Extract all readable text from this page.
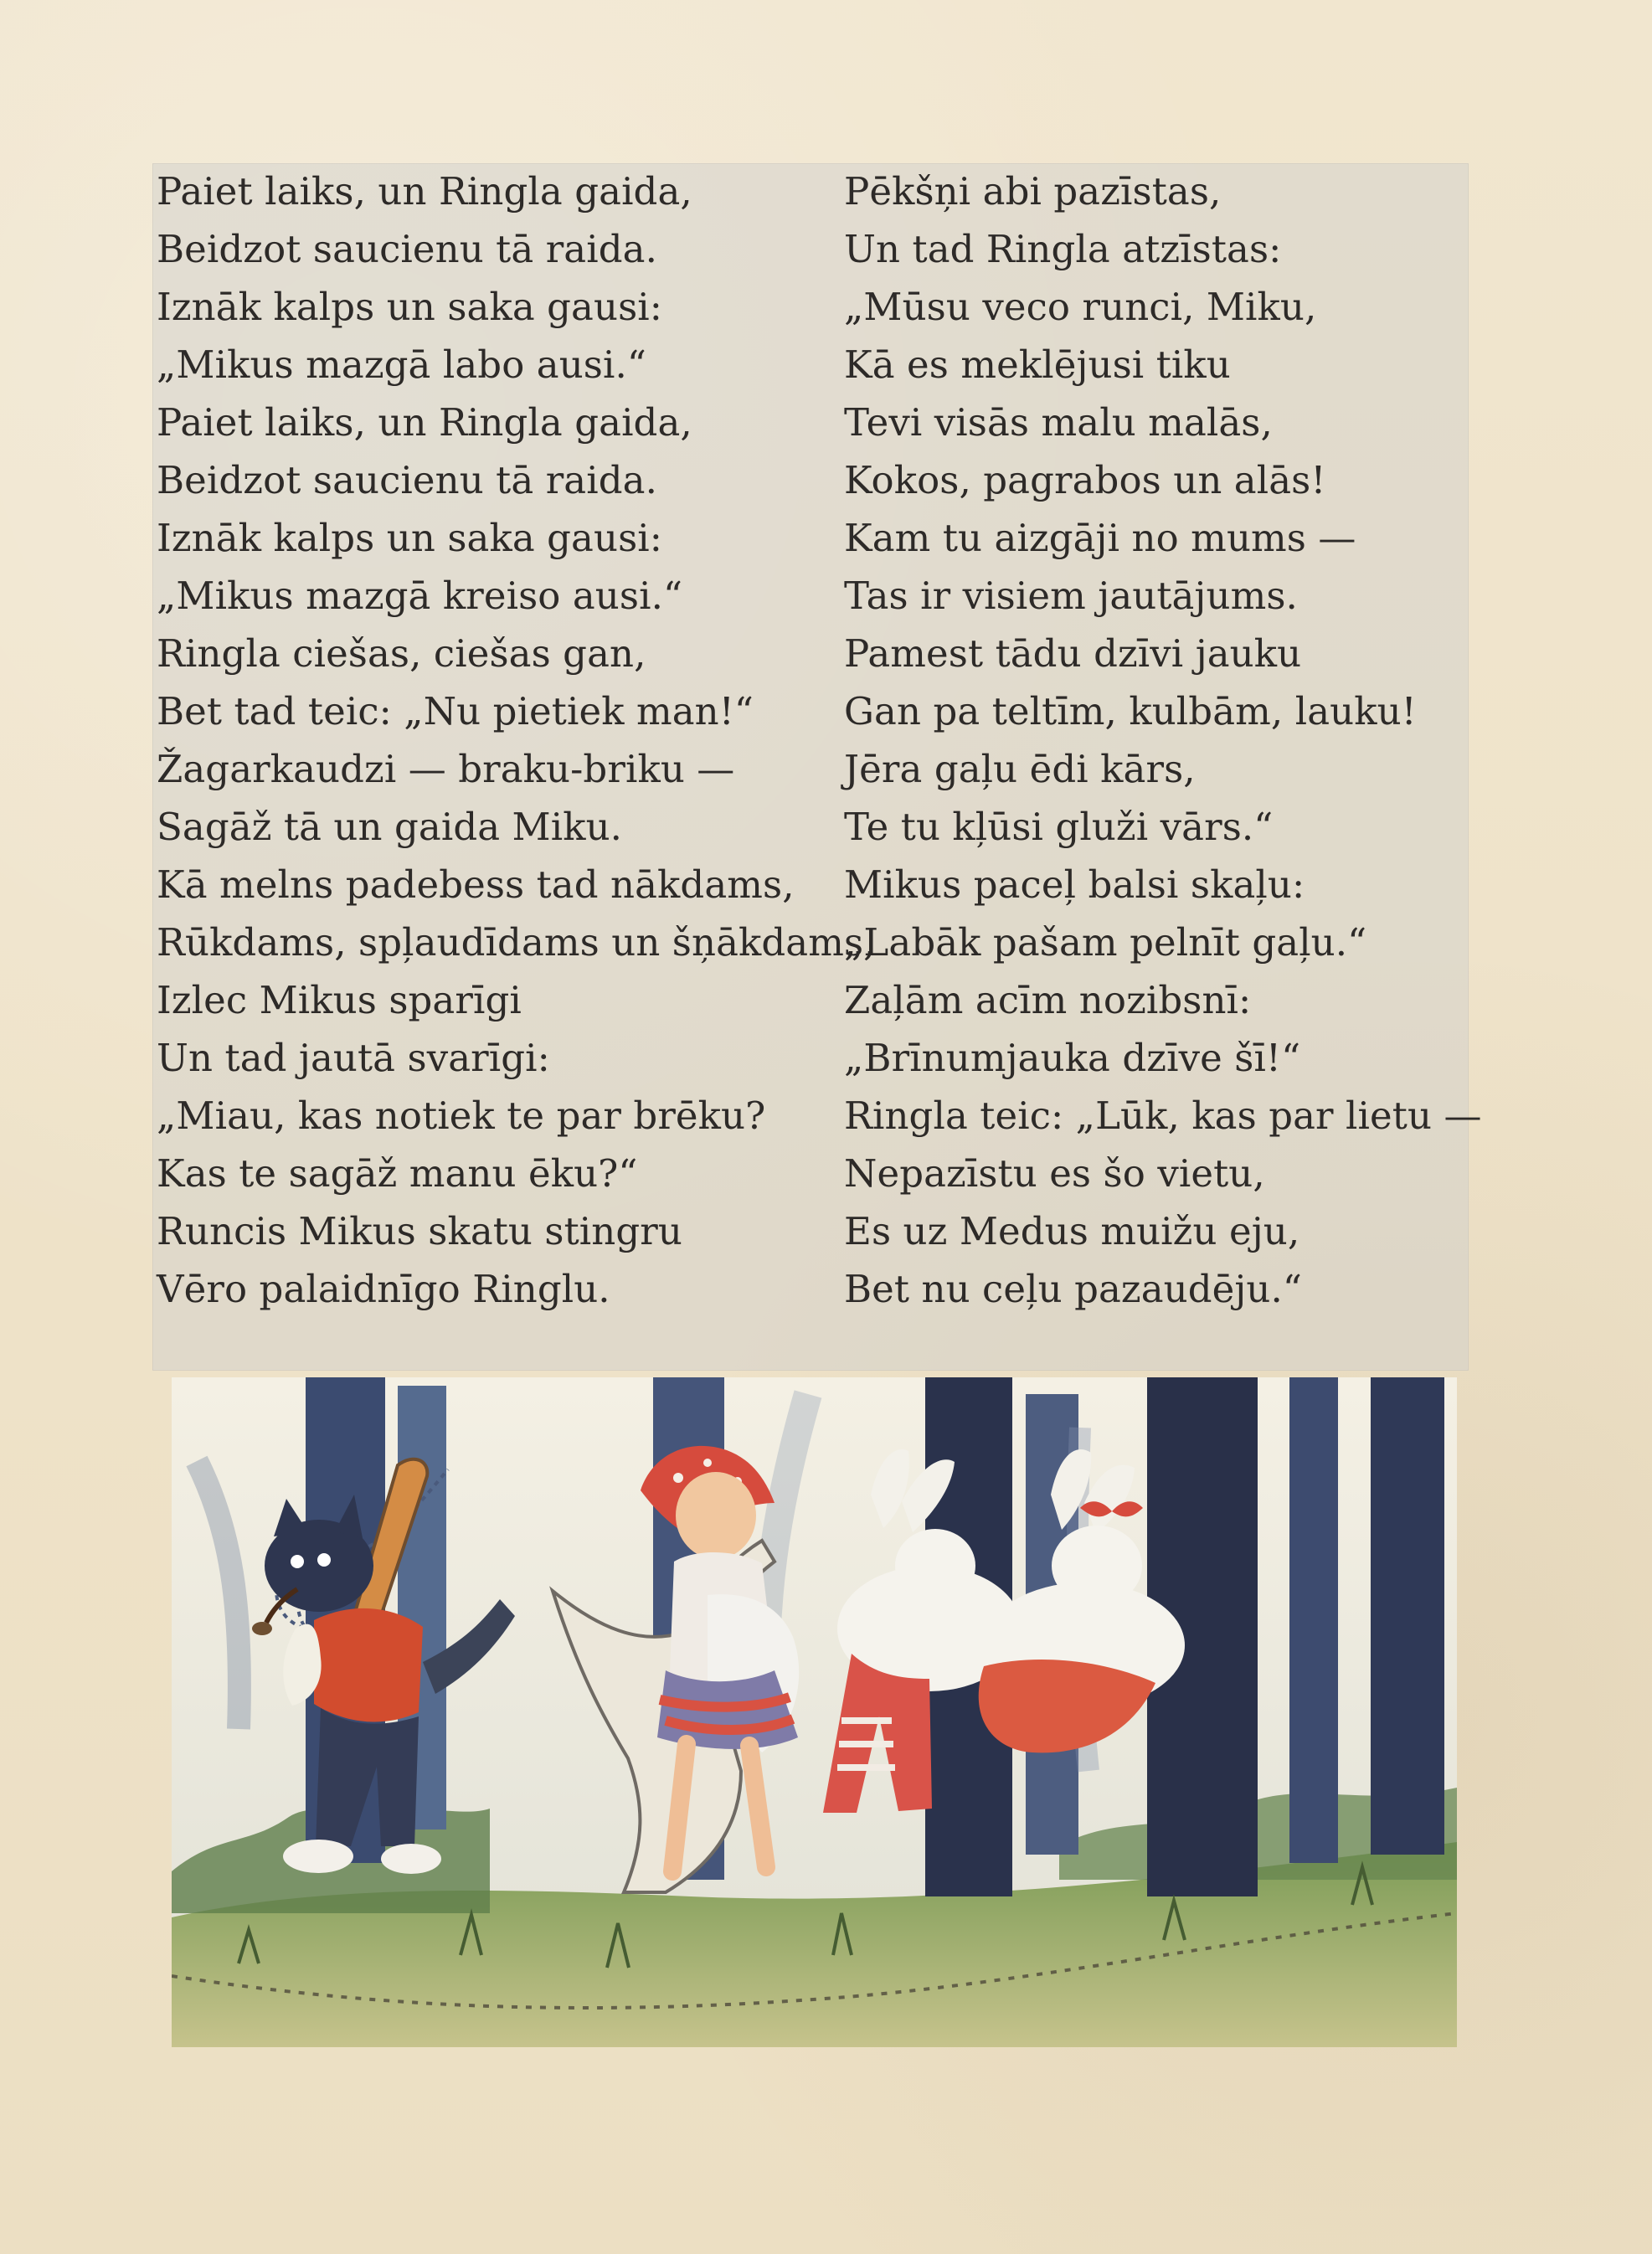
Paiet laiks, un Ringla gaida,
Beidzot saucienu tā raida.
Iznāk kalps un saka gausi:
„Mikus mazgā labo ausi.“
Paiet laiks, un Ringla gaida,
Beidzot saucienu tā raida.
Iznāk kalps un saka gausi:
„Mikus mazgā kreiso ausi.“
Ringla ciešas, ciešas gan,
Bet tad teic: „Nu pietiek man!“
Žagarkaudzi — braku-briku —
Sagāž tā un gaida Miku.
Kā melns padebess tad nākdams,
Rūkdams, spļaudīdams un šņākdams,
Izlec Mikus sparīgi
Un tad jautā svarīgi:
„Miau, kas notiek te par brēku?
Kas te sagāž manu ēku?“
Runcis Mikus skatu stingru
Vēro palaidnīgo Ringlu.
Pēkšņi abi pazīstas,
Un tad Ringla atzīstas:
„Mūsu veco runci, Miku,
Kā es meklējusi tiku
Tevi visās malu malās,
Kokos, pagrabos un alās!
Kam tu aizgāji no mums —
Tas ir visiem jautājums.
Pamest tādu dzīvi jauku
Gan pa teltīm, kulbām, lauku!
Jēra gaļu ēdi kārs,
Te tu kļūsi gluži vārs.“
Mikus paceļ balsi skaļu:
„Labāk pašam pelnīt gaļu.“
Zaļām acīm nozibsnī:
„Brīnumjauka dzīve šī!“
Ringla teic: „Lūk, kas par lietu —
Nepazīstu es šo vietu,
Es uz Medus muižu eju,
Bet nu ceļu pazaudēju.“
